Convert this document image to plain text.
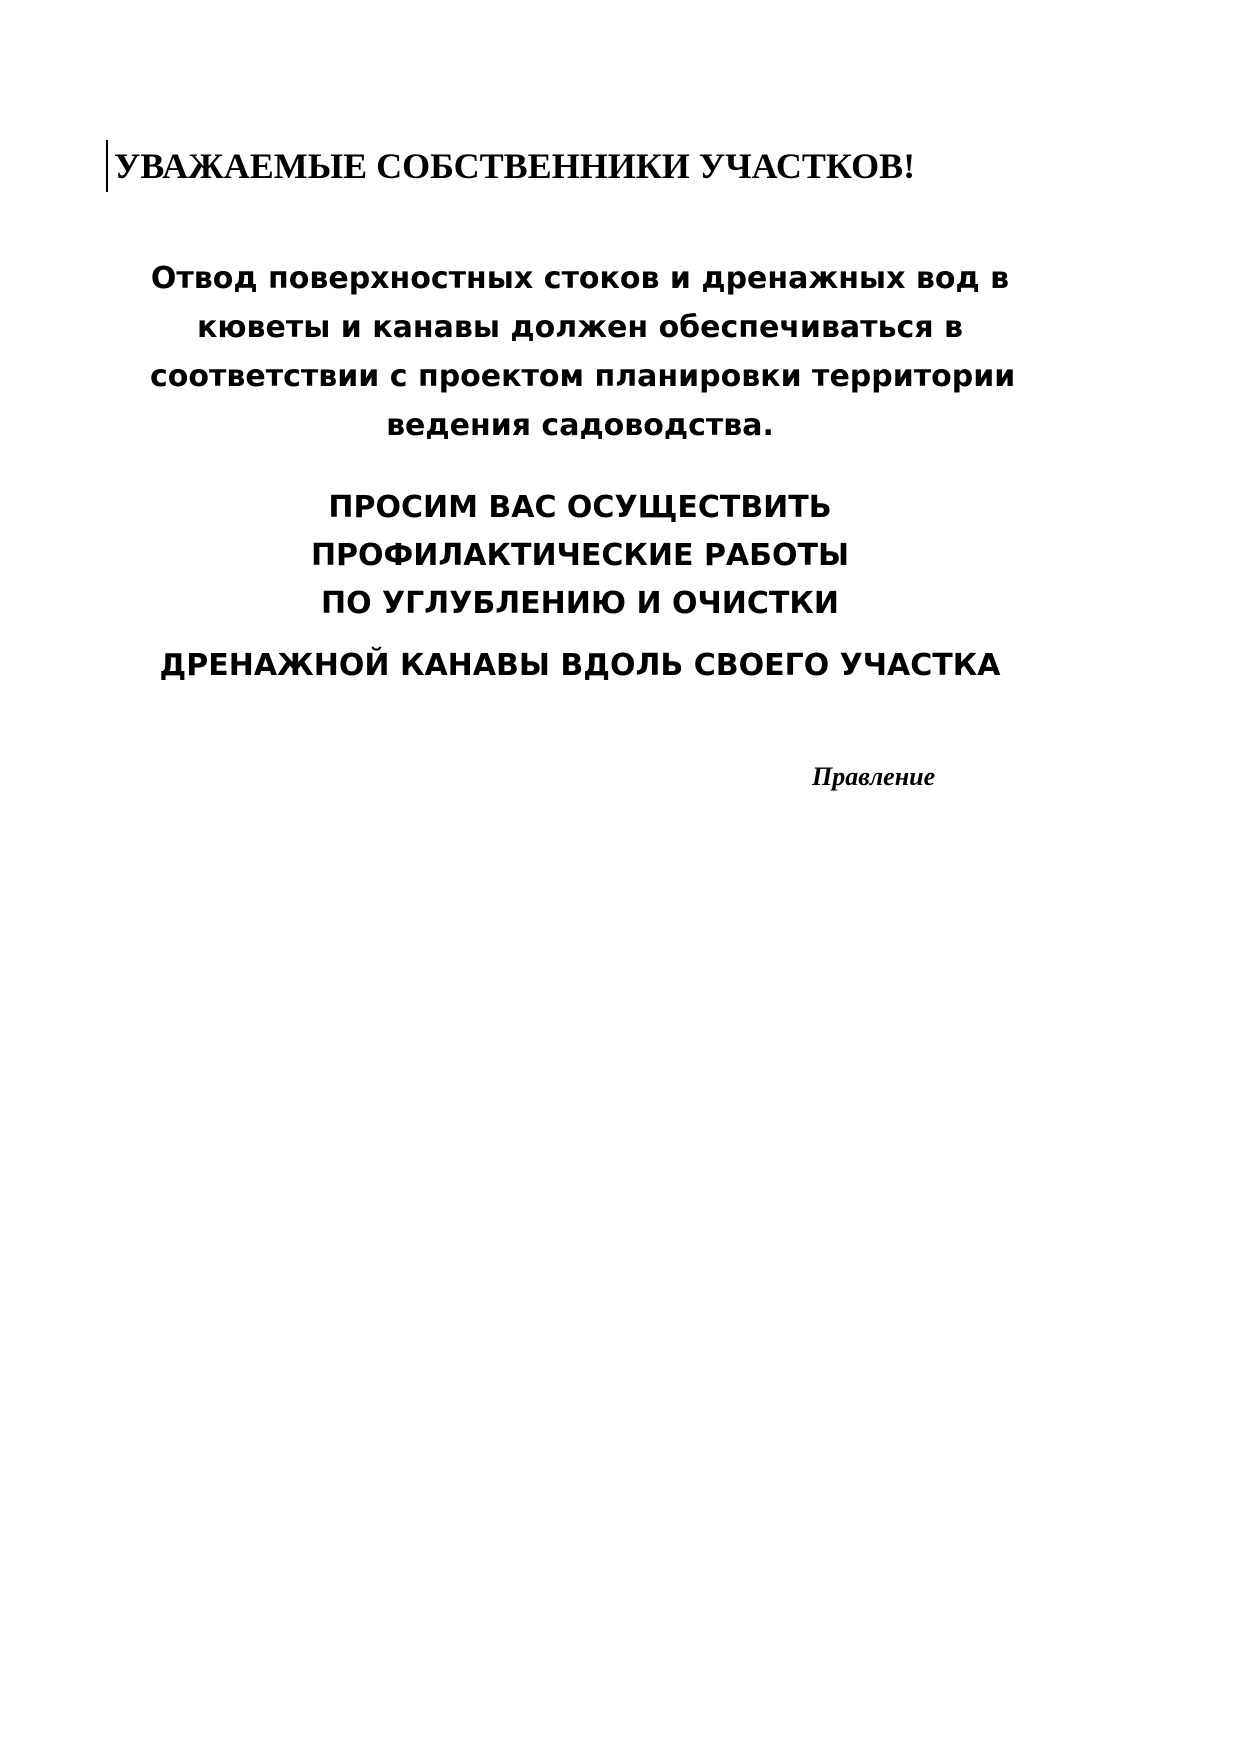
УВАЖАЕМЫЕ СОБСТВЕННИКИ УЧАСТКОВ!
Отвод поверхностных стоков и дренажных вод в
кюветы и канавы должен обеспечиваться в
соответствии с проектом планировки территории
ведения садоводства.
ПРОСИМ ВАС ОСУЩЕСТВИТЬ
ПРОФИЛАКТИЧЕСКИЕ РАБОТЫ
ПО УГЛУБЛЕНИЮ И ОЧИСТКИ
ДРЕНАЖНОЙ КАНАВЫ ВДОЛЬ СВОЕГО УЧАСТКА
Правление
